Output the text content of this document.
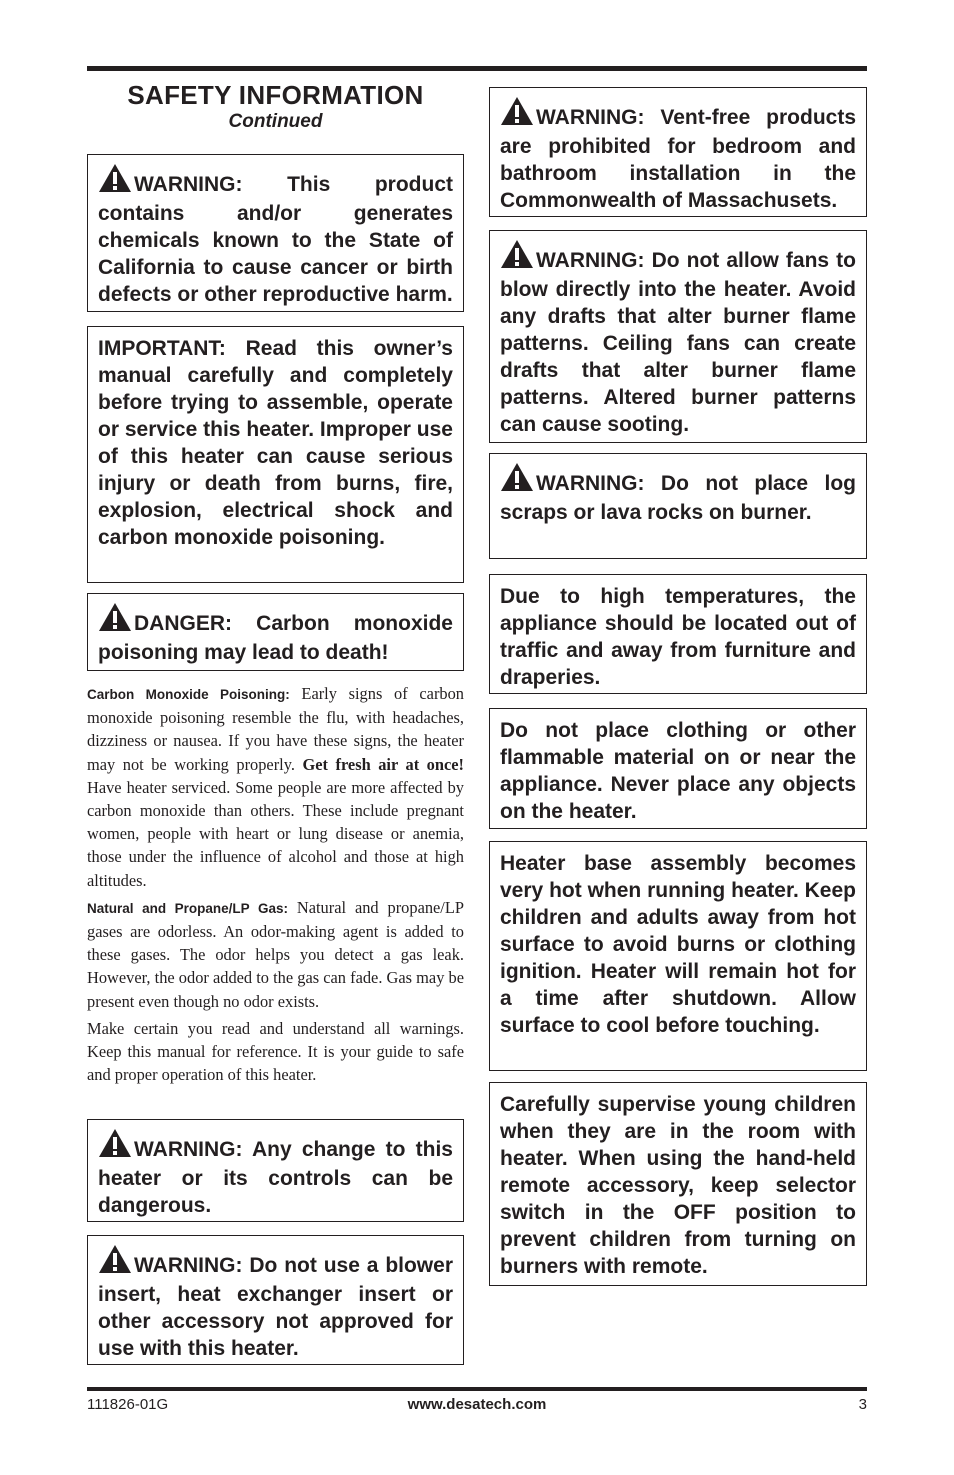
SAFETY INFORMATION
Continued

WARNING: This product contains and/or generates chemicals known to the State of California to cause cancer or birth defects or other reproductive harm.

IMPORTANT: Read this owner’s manual carefully and completely before trying to assemble, operate or service this heater. Improper use of this heater can cause serious injury or death from burns, fire, explosion, electrical shock and carbon monoxide poisoning.

DANGER: Carbon monoxide poisoning may lead to death!

Carbon Monoxide Poisoning: Early signs of carbon monoxide poisoning resemble the flu, with headaches, dizziness or nausea. If you have these signs, the heater may not be working properly. Get fresh air at once! Have heater serviced. Some people are more affected by carbon monoxide than others. These include pregnant women, people with heart or lung disease or anemia, those under the influence of alcohol and those at high altitudes.

Natural and Propane/LP Gas: Natural and propane/LP gases are odorless. An odor-making agent is added to these gases. The odor helps you detect a gas leak. However, the odor added to the gas can fade. Gas may be present even though no odor exists.

Make certain you read and understand all warnings. Keep this manual for reference. It is your guide to safe and proper operation of this heater.

WARNING: Any change to this heater or its controls can be dangerous.

WARNING: Do not use a blower insert, heat exchanger insert or other accessory not approved for use with this heater.

WARNING: Vent-free products are prohibited for bedroom and bathroom installation in the Commonwealth of Massachusets.

WARNING: Do not allow fans to blow directly into the heater. Avoid any drafts that alter burner flame patterns. Ceiling fans can create drafts that alter burner flame patterns. Altered burner patterns can cause sooting.

WARNING: Do not place log scraps or lava rocks on burner.

Due to high temperatures, the appliance should be located out of traffic and away from furniture and draperies.

Do not place clothing or other flammable material on or near the appliance. Never place any objects on the heater.

Heater base assembly becomes very hot when running heater. Keep children and adults away from hot surface to avoid burns or clothing ignition. Heater will remain hot for a time after shutdown. Allow surface to cool before touching.

Carefully supervise young children when they are in the room with heater. When using the hand-held remote accessory, keep selector switch in the OFF position to prevent children from turning on burners with remote.

111826-01G	www.desatech.com	3
